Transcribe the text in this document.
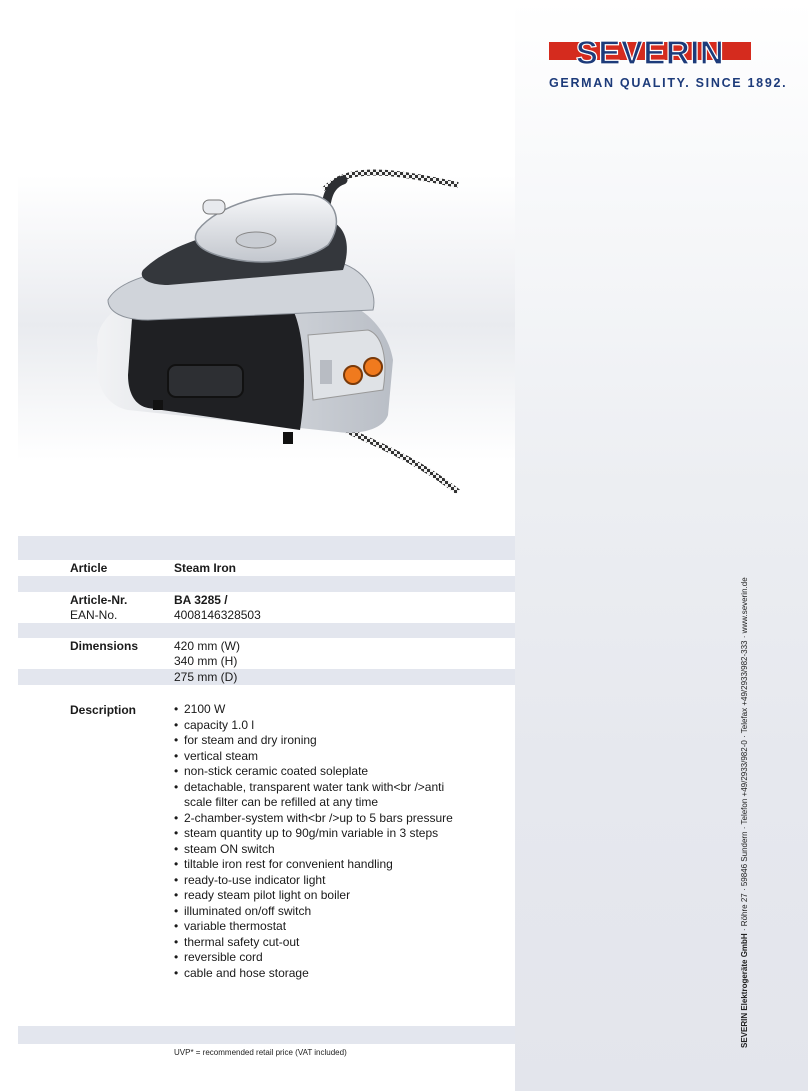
SEVERIN
GERMAN QUALITY. SINCE 1892.
Article	Steam Iron
Article-Nr.	BA 3285 /
EAN-No.	4008146328503
Dimensions	420 mm (W)
340 mm (H)
275 mm (D)
Description	• 2100 W
• capacity 1.0 l
• for steam and dry ironing
• vertical steam
• non-stick ceramic coated soleplate
• detachable, transparent water tank with<br />anti scale filter can be refilled at any time
• 2-chamber-system with<br />up to 5 bars pressure
• steam quantity up to 90g/min variable in 3 steps
• steam ON switch
• tiltable iron rest for convenient handling
• ready-to-use indicator light
• ready steam pilot light on boiler
• illuminated on/off switch
• variable thermostat
• thermal safety cut-out
• reversible cord
• cable and hose storage
UVP* = recommended retail price (VAT included)
SEVERIN Elektrogeräte GmbH · Röhre 27 · 59846 Sundern · Telefon +49/2933/982-0 · Telefax +49/2933/982-333 · www.severin.de
